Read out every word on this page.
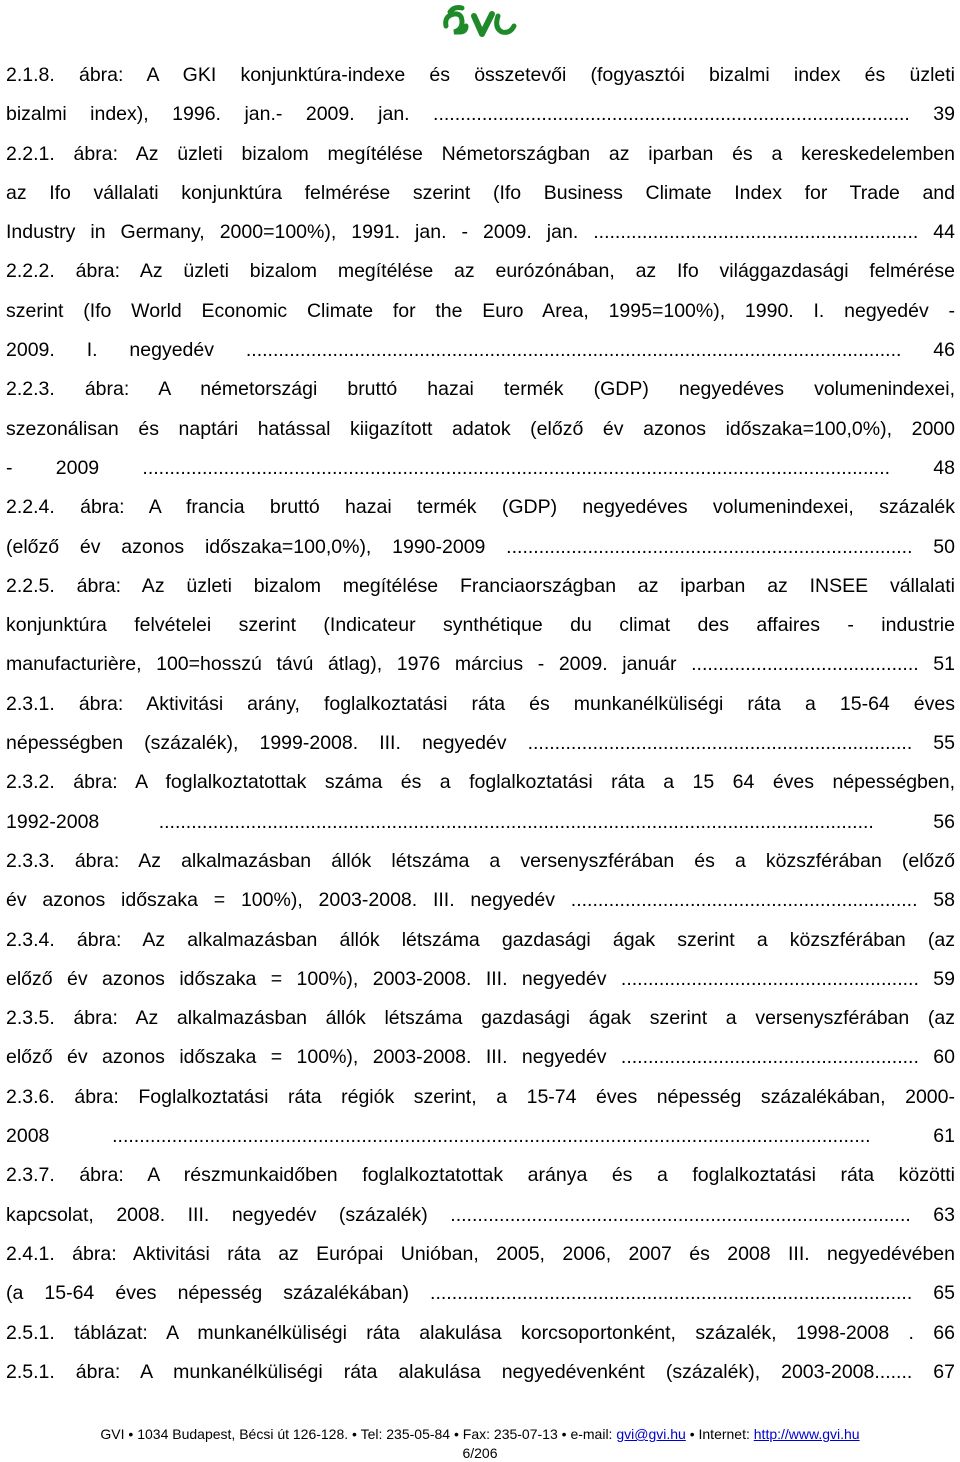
2.1.8. ábra: A GKI konjunktúra-indexe és összetevői (fogyasztói bizalmi index és üzleti
bizalmi index), 1996. jan.- 2009. jan. ........................................................................................ 39
2.2.1. ábra: Az üzleti bizalom megítélése Németországban az iparban és a kereskedelemben
az Ifo vállalati konjunktúra felmérése szerint (Ifo Business Climate Index for Trade and
Industry in Germany, 2000=100%), 1991. jan. - 2009. jan. ............................................................ 44
2.2.2. ábra: Az üzleti bizalom megítélése az eurózónában, az Ifo világgazdasági felmérése
szerint (Ifo World Economic Climate for the Euro Area, 1995=100%), 1990. I. negyedév -
2009. I. negyedév ......................................................................................................................... 46
2.2.3. ábra: A németországi bruttó hazai termék (GDP) negyedéves volumenindexei,
szezonálisan és naptári hatással kiigazított adatok (előző év azonos időszaka=100,0%), 2000
- 2009 .......................................................................................................................................... 48
2.2.4. ábra: A francia bruttó hazai termék (GDP) negyedéves volumenindexei, százalék
(előző év azonos időszaka=100,0%), 1990-2009 ........................................................................... 50
2.2.5. ábra: Az üzleti bizalom megítélése Franciaországban az iparban az INSEE vállalati
konjunktúra felvételei szerint (Indicateur synthétique du climat des affaires - industrie
manufacturière, 100=hosszú távú átlag), 1976 március - 2009. január .......................................... 51
2.3.1. ábra: Aktivitási arány, foglalkoztatási ráta és munkanélküliségi ráta a 15-64 éves
népességben (százalék), 1999-2008. III. negyedév ....................................................................... 55
2.3.2. ábra: A foglalkoztatottak száma és a foglalkoztatási ráta a 15 64 éves népességben,
1992-2008 .................................................................................................................................... 56
2.3.3. ábra: Az alkalmazásban állók létszáma a versenyszférában és a közszférában (előző
év azonos időszaka = 100%), 2003-2008. III. negyedév ................................................................ 58
2.3.4. ábra: Az alkalmazásban állók létszáma gazdasági ágak szerint a közszférában (az
előző év azonos időszaka = 100%), 2003-2008. III. negyedév ....................................................... 59
2.3.5. ábra: Az alkalmazásban állók létszáma gazdasági ágak szerint a versenyszférában (az
előző év azonos időszaka = 100%), 2003-2008. III. negyedév ....................................................... 60
2.3.6. ábra: Foglalkoztatási ráta régiók szerint, a 15-74 éves népesség százalékában, 2000-
2008 ............................................................................................................................................ 61
2.3.7. ábra: A részmunkaidőben foglalkoztatottak aránya és a foglalkoztatási ráta közötti
kapcsolat, 2008. III. negyedév (százalék) ..................................................................................... 63
2.4.1. ábra: Aktivitási ráta az Európai Unióban, 2005, 2006, 2007 és 2008 III. negyedévében
(a 15-64 éves népesség százalékában) ......................................................................................... 65
2.5.1. táblázat: A munkanélküliségi ráta alakulása korcsoportonként, százalék, 1998-2008 . 66
2.5.1. ábra: A munkanélküliségi ráta alakulása negyedévenként (százalék), 2003-2008....... 67
GVI • 1034 Budapest, Bécsi út 126-128. • Tel: 235-05-84 • Fax: 235-07-13 • e-mail: gvi@gvi.hu • Internet: http://www.gvi.hu
6/206
